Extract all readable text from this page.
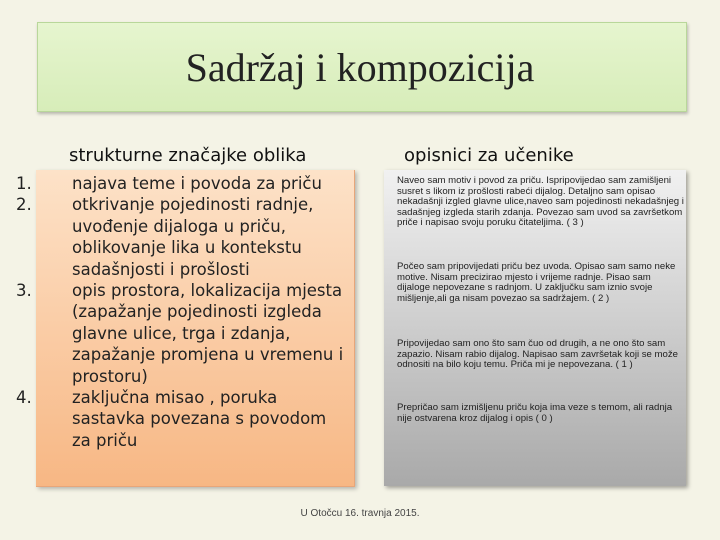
Sadržaj i kompozicija
strukturne značajke oblika	opisnici za učenike
1. najava teme i povoda za priču
2. otkrivanje pojedinosti radnje, uvođenje dijaloga u priču, oblikovanje lika u kontekstu sadašnjosti i prošlosti
3. opis prostora, lokalizacija mjesta (zapažanje pojedinosti izgleda glavne ulice, trga i zdanja, zapažanje promjena u vremenu i prostoru)
4. zaključna misao , poruka sastavka povezana s povodom za priču
Naveo sam motiv i povod za priču. Ispripovijedao sam zamišljeni susret s likom iz prošlosti rabeći dijalog. Detaljno sam opisao nekadašnji izgled glavne ulice,naveo sam pojedinosti nekadašnjeg i sadašnjeg izgleda starih zdanja. Povezao sam uvod sa završetkom priče i napisao svoju poruku čitateljima. ( 3 )
Počeo sam pripovijedati priču bez uvoda. Opisao sam samo neke motive. Nisam precizirao mjesto i vrijeme radnje. Pisao sam dijaloge nepovezane s radnjom. U zaključku sam iznio svoje mišljenje,ali ga nisam povezao sa sadržajem. ( 2 )
Pripovijedao sam ono što sam čuo od drugih, a ne ono što sam zapazio. Nisam rabio dijalog. Napisao sam završetak koji se može odnositi na bilo koju temu. Priča mi je nepovezana. ( 1 )
Prepričao sam izmišljenu priču koja ima veze s temom, ali radnja nije ostvarena kroz dijalog i opis ( 0 )
U Otočcu 16. travnja 2015.
